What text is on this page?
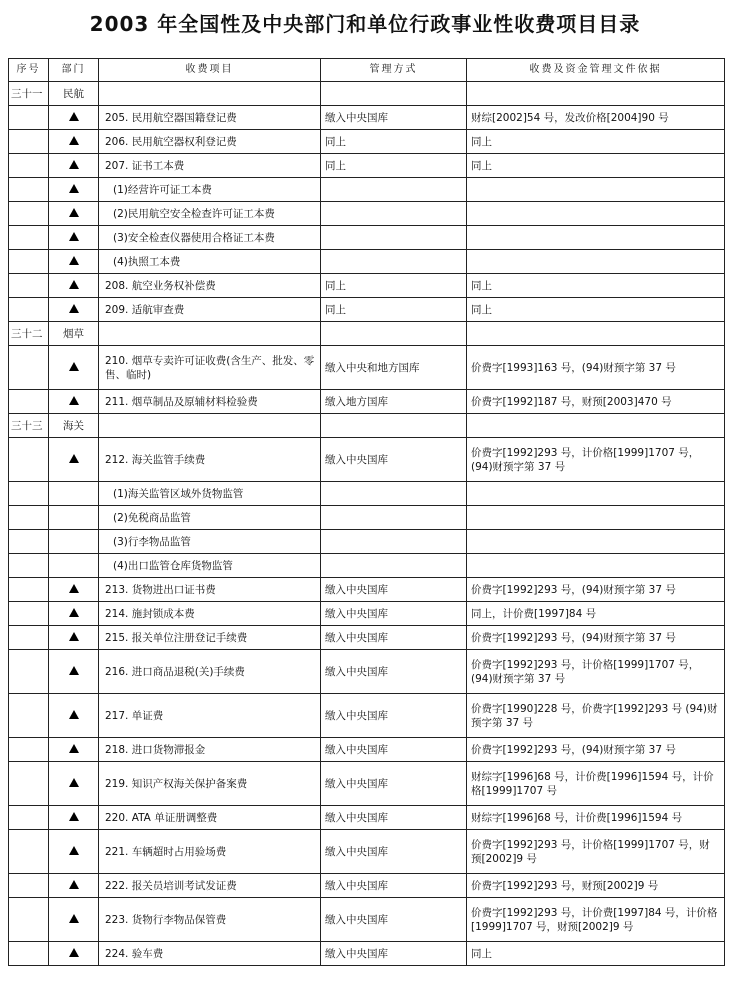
2003 年全国性及中央部门和单位行政事业性收费项目目录
序号	部门	收费项目	管理方式	收费及资金管理文件依据
三十一	民航			
		205. 民用航空器国籍登记费	缴入中央国库	财综[2002]54 号，发改价格[2004]90 号
		206. 民用航空器权利登记费	同上	同上
		207. 证书工本费	同上	同上
		(1)经营许可证工本费		
		(2)民用航空安全检查许可证工本费		
		(3)安全检查仪器使用合格证工本费		
		(4)执照工本费		
		208. 航空业务权补偿费	同上	同上
		209. 适航审查费	同上	同上
三十二	烟草			
		210. 烟草专卖许可证收费(含生产、批发、零售、临时)	缴入中央和地方国库	价费字[1993]163 号，(94)财预字第 37 号
		211. 烟草制品及原辅材料检验费	缴入地方国库	价费字[1992]187 号，财预[2003]470 号
三十三	海关			
		212. 海关监管手续费	缴入中央国库	价费字[1992]293 号，计价格[1999]1707 号，(94)财预字第 37 号
		(1)海关监管区域外货物监管		
		(2)免税商品监管		
		(3)行李物品监管		
		(4)出口监管仓库货物监管		
		213. 货物进出口证书费	缴入中央国库	价费字[1992]293 号，(94)财预字第 37 号
		214. 施封锁成本费	缴入中央国库	同上，计价费[1997]84 号
		215. 报关单位注册登记手续费	缴入中央国库	价费字[1992]293 号，(94)财预字第 37 号
		216. 进口商品退税(关)手续费	缴入中央国库	价费字[1992]293 号，计价格[1999]1707 号，(94)财预字第 37 号
		217. 单证费	缴入中央国库	价费字[1990]228 号，价费字[1992]293 号 (94)财预字第 37 号
		218. 进口货物滞报金	缴入中央国库	价费字[1992]293 号，(94)财预字第 37 号
		219. 知识产权海关保护备案费	缴入中央国库	财综字[1996]68 号，计价费[1996]1594 号，计价格[1999]1707 号
		220. ATA 单证册调整费	缴入中央国库	财综字[1996]68 号，计价费[1996]1594 号
		221. 车辆超时占用验场费	缴入中央国库	价费字[1992]293 号，计价格[1999]1707 号，财预[2002]9 号
		222. 报关员培训考试发证费	缴入中央国库	价费字[1992]293 号，财预[2002]9 号
		223. 货物行李物品保管费	缴入中央国库	价费字[1992]293 号，计价费[1997]84 号，计价格[1999]1707 号，财预[2002]9 号
		224. 验车费	缴入中央国库	同上
